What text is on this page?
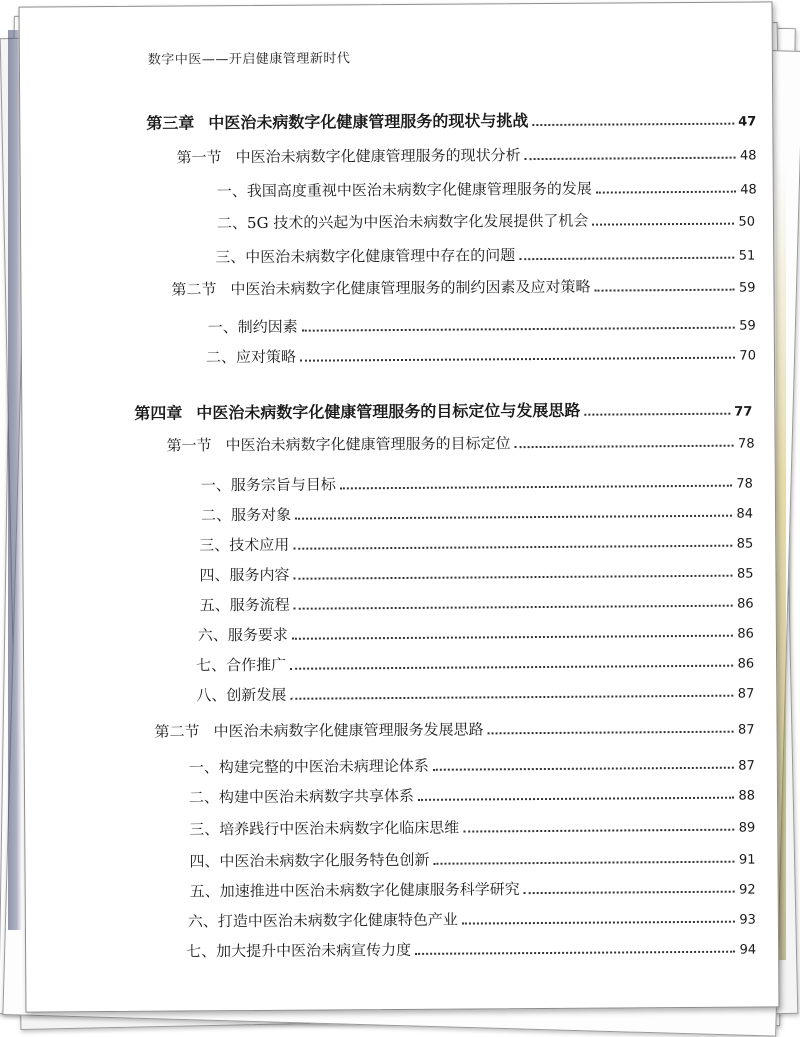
数字中医——开启健康管理新时代
第三章 中医治未病数字化健康管理服务的现状与挑战	47
第一节 中医治未病数字化健康管理服务的现状分析	48
一、我国高度重视中医治未病数字化健康管理服务的发展	48
二、5G 技术的兴起为中医治未病数字化发展提供了机会	50
三、中医治未病数字化健康管理中存在的问题	51
第二节 中医治未病数字化健康管理服务的制约因素及应对策略	59
一、制约因素	59
二、应对策略	70
第四章 中医治未病数字化健康管理服务的目标定位与发展思路	77
第一节 中医治未病数字化健康管理服务的目标定位	78
一、服务宗旨与目标	78
二、服务对象	84
三、技术应用	85
四、服务内容	85
五、服务流程	86
六、服务要求	86
七、合作推广	86
八、创新发展	87
第二节 中医治未病数字化健康管理服务发展思路	87
一、构建完整的中医治未病理论体系	87
二、构建中医治未病数字共享体系	88
三、培养践行中医治未病数字化临床思维	89
四、中医治未病数字化服务特色创新	91
五、加速推进中医治未病数字化健康服务科学研究	92
六、打造中医治未病数字化健康特色产业	93
七、加大提升中医治未病宣传力度	94
